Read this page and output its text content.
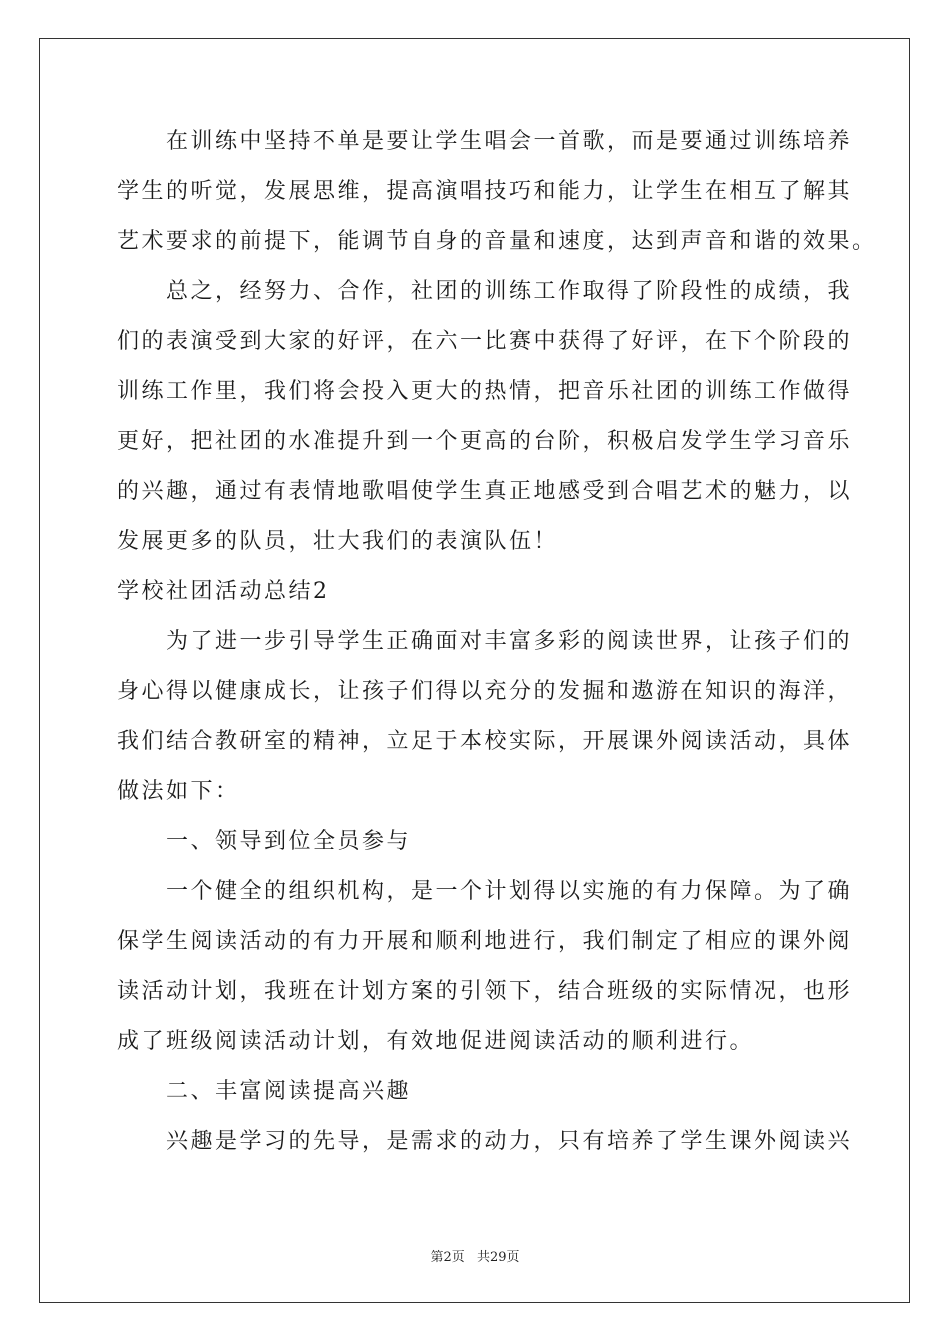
　　在训练中坚持不单是要让学生唱会一首歌，而是要通过训练培养
学生的听觉，发展思维，提高演唱技巧和能力，让学生在相互了解其
艺术要求的前提下，能调节自身的音量和速度，达到声音和谐的效果。
　　总之，经努力、合作，社团的训练工作取得了阶段性的成绩，我
们的表演受到大家的好评，在六一比赛中获得了好评，在下个阶段的
训练工作里，我们将会投入更大的热情，把音乐社团的训练工作做得
更好，把社团的水准提升到一个更高的台阶，积极启发学生学习音乐
的兴趣，通过有表情地歌唱使学生真正地感受到合唱艺术的魅力，以
发展更多的队员，壮大我们的表演队伍！
学校社团活动总结2
　　为了进一步引导学生正确面对丰富多彩的阅读世界，让孩子们的
身心得以健康成长，让孩子们得以充分的发掘和遨游在知识的海洋，
我们结合教研室的精神，立足于本校实际，开展课外阅读活动，具体
做法如下：
　　一、领导到位全员参与
　　一个健全的组织机构，是一个计划得以实施的有力保障。为了确
保学生阅读活动的有力开展和顺利地进行，我们制定了相应的课外阅
读活动计划，我班在计划方案的引领下，结合班级的实际情况，也形
成了班级阅读活动计划，有效地促进阅读活动的顺利进行。
　　二、丰富阅读提高兴趣
　　兴趣是学习的先导，是需求的动力，只有培养了学生课外阅读兴
第2页 共29页
